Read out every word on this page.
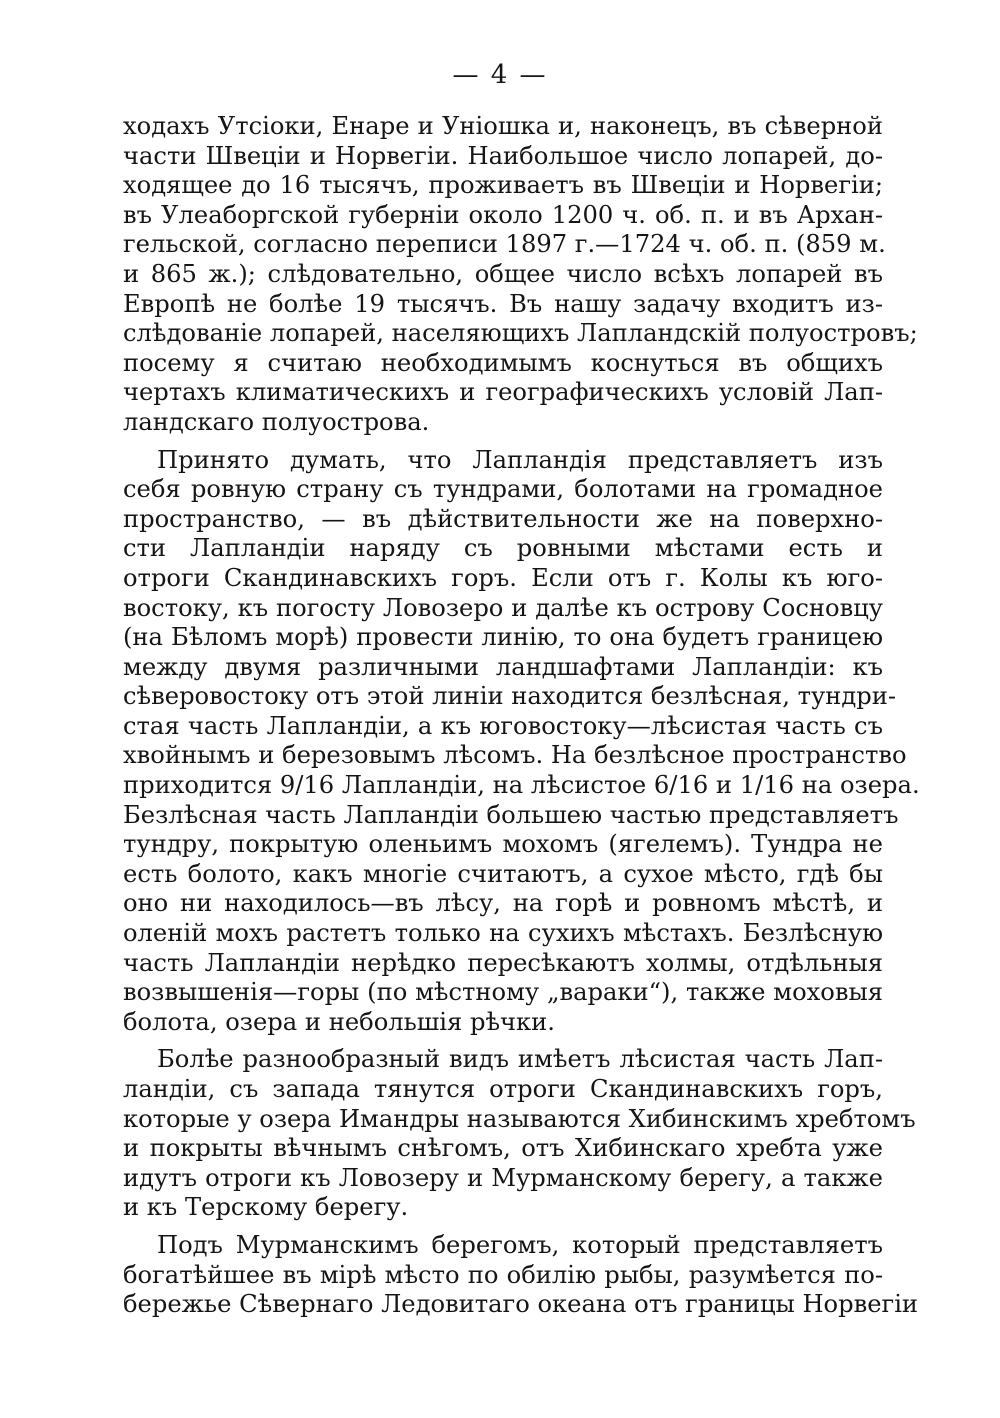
— 4 —
ходахъ Утсіоки, Енаре и Уніошка и, наконецъ, въ сѣверной
части Швеціи и Норвегіи. Наибольшое число лопарей, до-
ходящее до 16 тысячъ, проживаетъ въ Швеціи и Норвегіи;
въ Улеаборгской губерніи около 1200 ч. об. п. и въ Архан-
гельской, согласно переписи 1897 г.—1724 ч. об. п. (859 м.
и 865 ж.); слѣдовательно, общее число всѣхъ лопарей въ
Европѣ не болѣе 19 тысячъ. Въ нашу задачу входитъ из-
слѣдованіе лопарей, населяющихъ Лапландскій полуостровъ;
посему я считаю необходимымъ коснуться въ общихъ
чертахъ климатическихъ и географическихъ условій Лап-
ландскаго полуострова.
Принято думать, что Лапландія представляетъ изъ
себя ровную страну съ тундрами, болотами на громадное
пространство, — въ дѣйствительности же на поверхно-
сти Лапландіи наряду съ ровными мѣстами есть и
отроги Скандинавскихъ горъ. Если отъ г. Колы къ юго-
востоку, къ погосту Ловозеро и далѣе къ острову Сосновцу
(на Бѣломъ морѣ) провести линію, то она будетъ границею
между двумя различными ландшафтами Лапландіи: къ
сѣверовостоку отъ этой линіи находится безлѣсная, тундри-
стая часть Лапландіи, а къ юговостоку—лѣсистая часть съ
хвойнымъ и березовымъ лѣсомъ. На безлѣсное пространство
приходится 9/16 Лапландіи, на лѣсистое 6/16 и 1/16 на озера.
Безлѣсная часть Лапландіи большею частью представляетъ
тундру, покрытую оленьимъ мохомъ (ягелемъ). Тундра не
есть болото, какъ многіе считаютъ, а сухое мѣсто, гдѣ бы
оно ни находилось—въ лѣсу, на горѣ и ровномъ мѣстѣ, и
оленій мохъ растетъ только на сухихъ мѣстахъ. Безлѣсную
часть Лапландіи нерѣдко пересѣкаютъ холмы, отдѣльныя
возвышенія—горы (по мѣстному „вараки“), также моховыя
болота, озера и небольшія рѣчки.
Болѣе разнообразный видъ имѣетъ лѣсистая часть Лап-
ландіи, съ запада тянутся отроги Скандинавскихъ горъ,
которые у озера Имандры называются Хибинскимъ хребтомъ
и покрыты вѣчнымъ снѣгомъ, отъ Хибинскаго хребта уже
идутъ отроги къ Ловозеру и Мурманскому берегу, а также
и къ Терскому берегу.
Подъ Мурманскимъ берегомъ, который представляетъ
богатѣйшее въ мірѣ мѣсто по обилію рыбы, разумѣется по-
бережье Сѣвернаго Ледовитаго океана отъ границы Норвегіи
